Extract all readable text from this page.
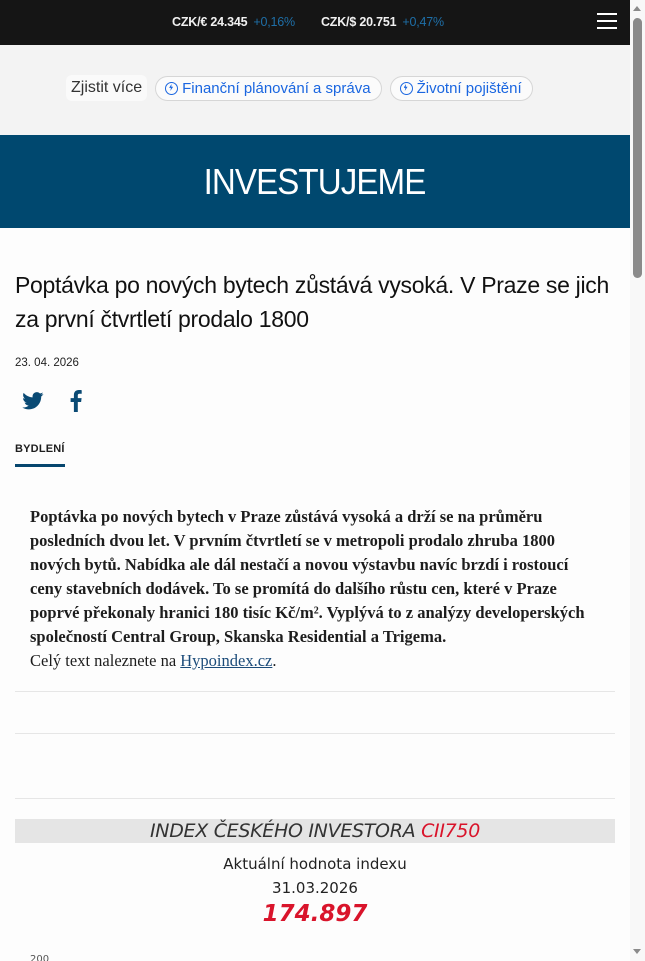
CZK/€ 24.345 +0,16% CZK/$ 20.751 +0,47%
Zjistit více	Finanční plánování a správa	Životní pojištění
INVESTUJEME
Poptávka po nových bytech zůstává vysoká. V Praze se jich za první čtvrtletí prodalo 1800
23. 04. 2026
BYDLENÍ
Poptávka po nových bytech v Praze zůstává vysoká a drží se na průměru posledních dvou let. V prvním čtvrtletí se v metropoli prodalo zhruba 1800 nových bytů. Nabídka ale dál nestačí a novou výstavbu navíc brzdí i rostoucí ceny stavebních dodávek. To se promítá do dalšího růstu cen, které v Praze poprvé překonaly hranici 180 tisíc Kč/m². Vyplývá to z analýzy developerských společností Central Group, Skanska Residential a Trigema.
Celý text naleznete na Hypoindex.cz.
INDEX ČESKÉHO INVESTORA CII750
Aktuální hodnota indexu
31.03.2026
174.897
200
